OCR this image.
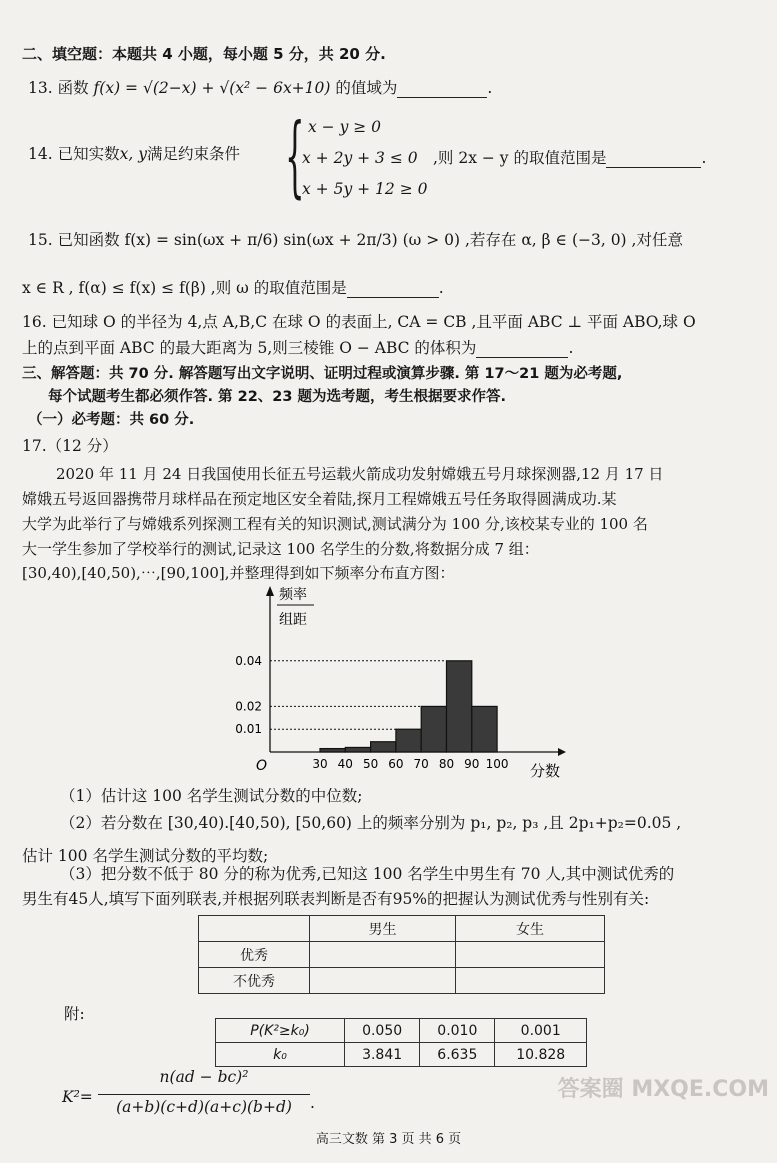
二、填空题：本题共 4 小题，每小题 5 分，共 20 分.
13. 函数 f(x) = √(2−x) + √(x² − 6x+10) 的值域为	.
14. 已知实数x, y满足约束条件 { x − y ≥ 0
x + 2y + 3 ≤ 0
x + 5y + 12 ≥ 0
,则 2x − y 的取值范围是	.
15. 已知函数 f(x) = sin(ωx + π/6) sin(ωx + 2π/3) (ω > 0) ,若存在 α, β ∈ (−3, 0) ,对任意
x ∈ R , f(α) ≤ f(x) ≤ f(β) ,则 ω 的取值范围是	.
16. 已知球 O 的半径为 4,点 A,B,C 在球 O 的表面上, CA = CB ,且平面 ABC ⊥ 平面 ABO,球 O
上的点到平面 ABC 的最大距离为 5,则三棱锥 O − ABC 的体积为	.
三、解答题：共 70 分. 解答题写出文字说明、证明过程或演算步骤. 第 17～21 题为必考题,
每个试题考生都必须作答. 第 22、23 题为选考题，考生根据要求作答.
（一）必考题：共 60 分.
17.（12 分）
2020 年 11 月 24 日我国使用长征五号运载火箭成功发射嫦娥五号月球探测器,12 月 17 日
嫦娥五号返回器携带月球样品在预定地区安全着陆,探月工程嫦娥五号任务取得圆满成功.某
大学为此举行了与嫦娥系列探测工程有关的知识测试,测试满分为 100 分,该校某专业的 100 名
大一学生参加了学校举行的测试,记录这 100 名学生的分数,将数据分成 7 组：
[30,40),[40,50),⋯,[90,100],并整理得到如下频率分布直方图：
频率
组距
O
0.01
0.02
0.04
30 40 50 60 70 80 90 100 分数
（1）估计这 100 名学生测试分数的中位数;
（2）若分数在 [30,40).[40,50), [50,60) 上的频率分别为 p₁, p₂, p₃ ,且 2p₁+p₂=0.05 ,
估计 100 名学生测试分数的平均数;
（3）把分数不低于 80 分的称为优秀,已知这 100 名学生中男生有 70 人,其中测试优秀的
男生有45人,填写下面列联表,并根据列联表判断是否有95%的把握认为测试优秀与性别有关:
	男生	女生
优秀		
不优秀		
附:
P(K²≥k₀)	0.050	0.010	0.001
k₀	3.841	6.635	10.828
K²=
n(ad − bc)²
(a+b)(c+d)(a+c)(b+d)	.
高三文数 第 3 页 共 6 页
答案圈 MXQE.COM
